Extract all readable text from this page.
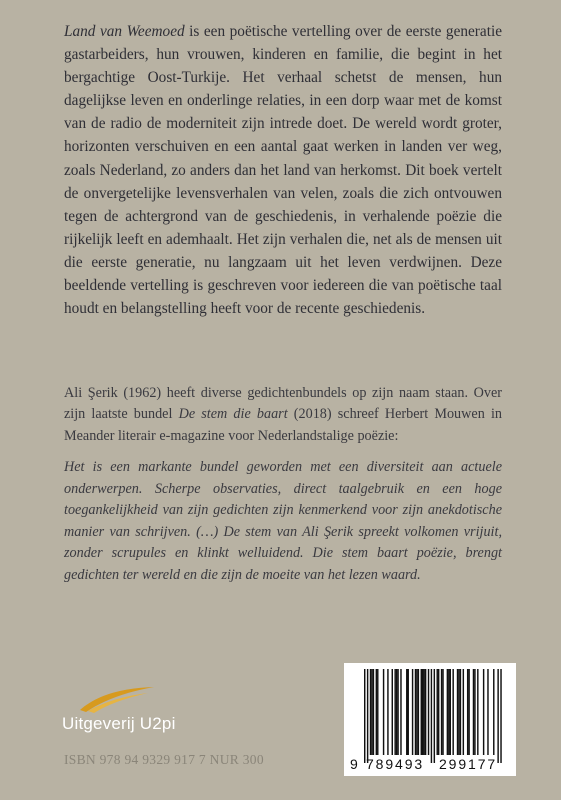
Land van Weemoed is een poëtische vertelling over de eerste generatie gastarbeiders, hun vrouwen, kinderen en familie, die begint in het bergachtige Oost-Turkije. Het verhaal schetst de mensen, hun dagelijkse leven en onderlinge relaties, in een dorp waar met de komst van de radio de moderniteit zijn intrede doet. De wereld wordt groter, horizonten verschuiven en een aantal gaat werken in landen ver weg, zoals Nederland, zo anders dan het land van herkomst. Dit boek vertelt de onvergetelijke levensverhalen van velen, zoals die zich ontvouwen tegen de achtergrond van de geschiedenis, in verhalende poëzie die rijkelijk leeft en ademhaalt. Het zijn verhalen die, net als de mensen uit die eerste generatie, nu langzaam uit het leven verdwijnen. Deze beeldende vertelling is geschreven voor iedereen die van poëtische taal houdt en belangstelling heeft voor de recente geschiedenis.

Ali Şerik (1962) heeft diverse gedichtenbundels op zijn naam staan. Over zijn laatste bundel De stem die baart (2018) schreef Herbert Mouwen in Meander literair e-magazine voor Nederlandstalige poëzie:

Het is een markante bundel geworden met een diversiteit aan actuele onderwerpen. Scherpe observaties, direct taalgebruik en een hoge toegankelijkheid van zijn gedichten zijn kenmerkend voor zijn anekdotische manier van schrijven. (…) De stem van Ali Şerik spreekt volkomen vrijuit, zonder scrupules en klinkt welluidend. Die stem baart poëzie, brengt gedichten ter wereld en die zijn de moeite van het lezen waard.

Uitgeverij U2pi
ISBN 978 94 9329 917 7 NUR 300	9 789493 299177
